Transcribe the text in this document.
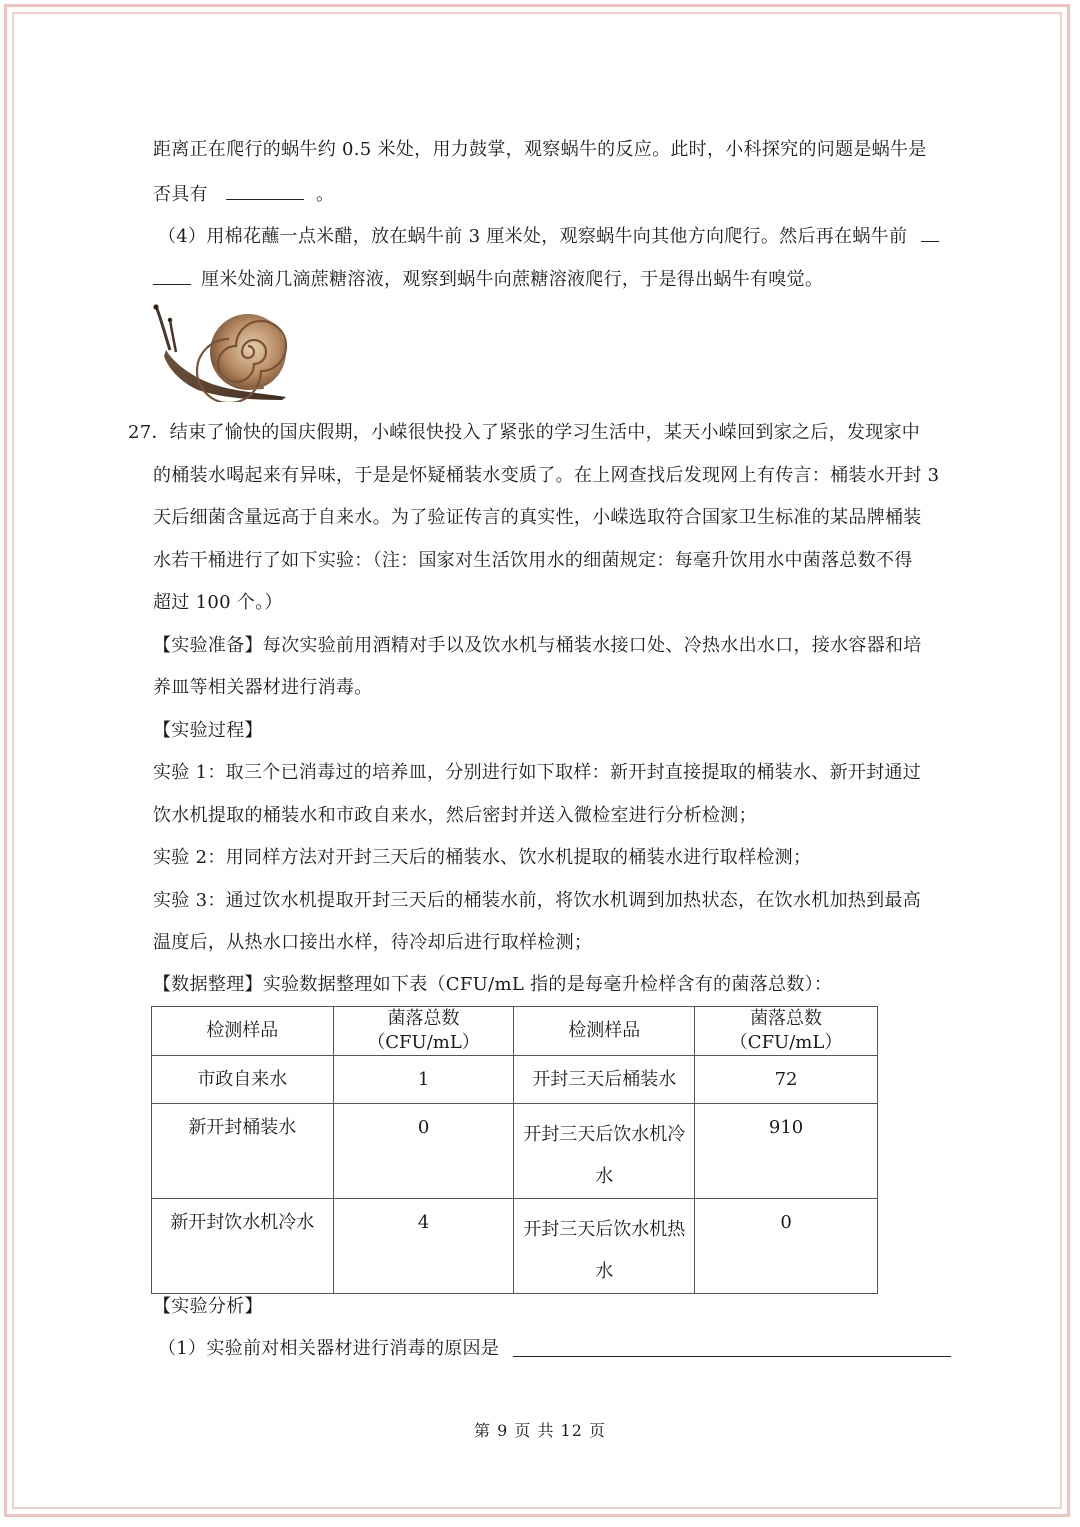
距离正在爬行的蜗牛约 0.5 米处，用力鼓掌，观察蜗牛的反应。此时，小科探究的问题是蜗牛是
否具有	。
（4）用棉花蘸一点米醋，放在蜗牛前 3 厘米处，观察蜗牛向其他方向爬行。然后再在蜗牛前
厘米处滴几滴蔗糖溶液，观察到蜗牛向蔗糖溶液爬行，于是得出蜗牛有嗅觉。
27．结束了愉快的国庆假期，小嵘很快投入了紧张的学习生活中，某天小嵘回到家之后，发现家中
的桶装水喝起来有异味，于是是怀疑桶装水变质了。在上网查找后发现网上有传言：桶装水开封 3
天后细菌含量远高于自来水。为了验证传言的真实性，小嵘选取符合国家卫生标准的某品牌桶装
水若干桶进行了如下实验：（注：国家对生活饮用水的细菌规定：每毫升饮用水中菌落总数不得
超过 100 个。）
【实验准备】每次实验前用酒精对手以及饮水机与桶装水接口处、冷热水出水口，接水容器和培
养皿等相关器材进行消毒。
【实验过程】
实验 1：取三个已消毒过的培养皿，分别进行如下取样：新开封直接提取的桶装水、新开封通过
饮水机提取的桶装水和市政自来水，然后密封并送入微检室进行分析检测；
实验 2：用同样方法对开封三天后的桶装水、饮水机提取的桶装水进行取样检测；
实验 3：通过饮水机提取开封三天后的桶装水前，将饮水机调到加热状态，在饮水机加热到最高
温度后，从热水口接出水样，待冷却后进行取样检测；
【数据整理】实验数据整理如下表（CFU/mL 指的是每毫升检样含有的菌落总数）：
检测样品	菌落总数（CFU/mL）	检测样品	菌落总数（CFU/mL）
市政自来水	1	开封三天后桶装水	72
新开封桶装水	0	开封三天后饮水机冷水	910
新开封饮水机冷水	4	开封三天后饮水机热水	0
【实验分析】
（1）实验前对相关器材进行消毒的原因是
第 9 页 共 12 页
